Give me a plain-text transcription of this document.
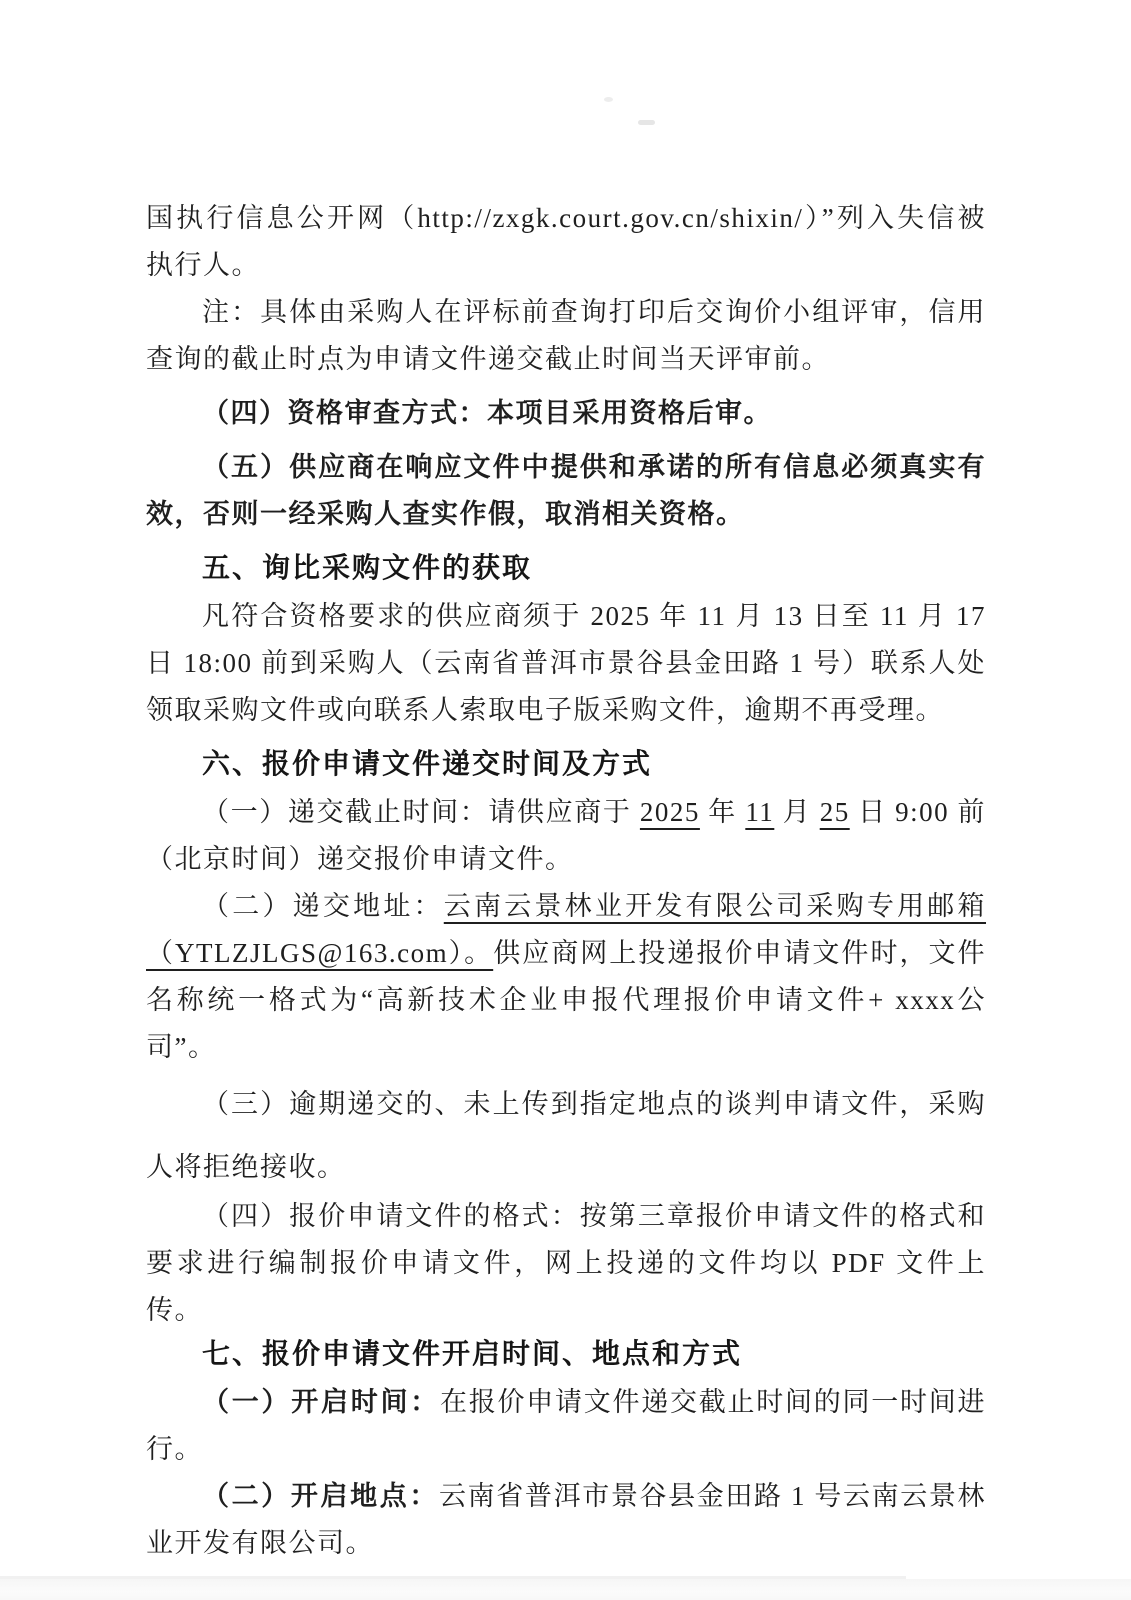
国执行信息公开网（http://zxgk.court.gov.cn/shixin/）”列入失信被执行人。

注：具体由采购人在评标前查询打印后交询价小组评审，信用查询的截止时点为申请文件递交截止时间当天评审前。

（四）资格审查方式：本项目采用资格后审。

（五）供应商在响应文件中提供和承诺的所有信息必须真实有效，否则一经采购人查实作假，取消相关资格。

五、询比采购文件的获取

凡符合资格要求的供应商须于 2025 年 11 月 13 日至 11 月 17 日 18:00 前到采购人（云南省普洱市景谷县金田路 1 号）联系人处领取采购文件或向联系人索取电子版采购文件，逾期不再受理。

六、报价申请文件递交时间及方式

（一）递交截止时间：请供应商于 2025 年 11 月 25 日 9:00 前（北京时间）递交报价申请文件。

（二）递交地址：云南云景林业开发有限公司采购专用邮箱（YTLZJLGS@163.com）。供应商网上投递报价申请文件时，文件名称统一格式为“高新技术企业申报代理报价申请文件+ xxxx公司”。

（三）逾期递交的、未上传到指定地点的谈判申请文件，采购人将拒绝接收。

（四）报价申请文件的格式：按第三章报价申请文件的格式和要求进行编制报价申请文件，网上投递的文件均以 PDF 文件上传。

七、报价申请文件开启时间、地点和方式

（一）开启时间：在报价申请文件递交截止时间的同一时间进行。

（二）开启地点：云南省普洱市景谷县金田路 1 号云南云景林业开发有限公司。
